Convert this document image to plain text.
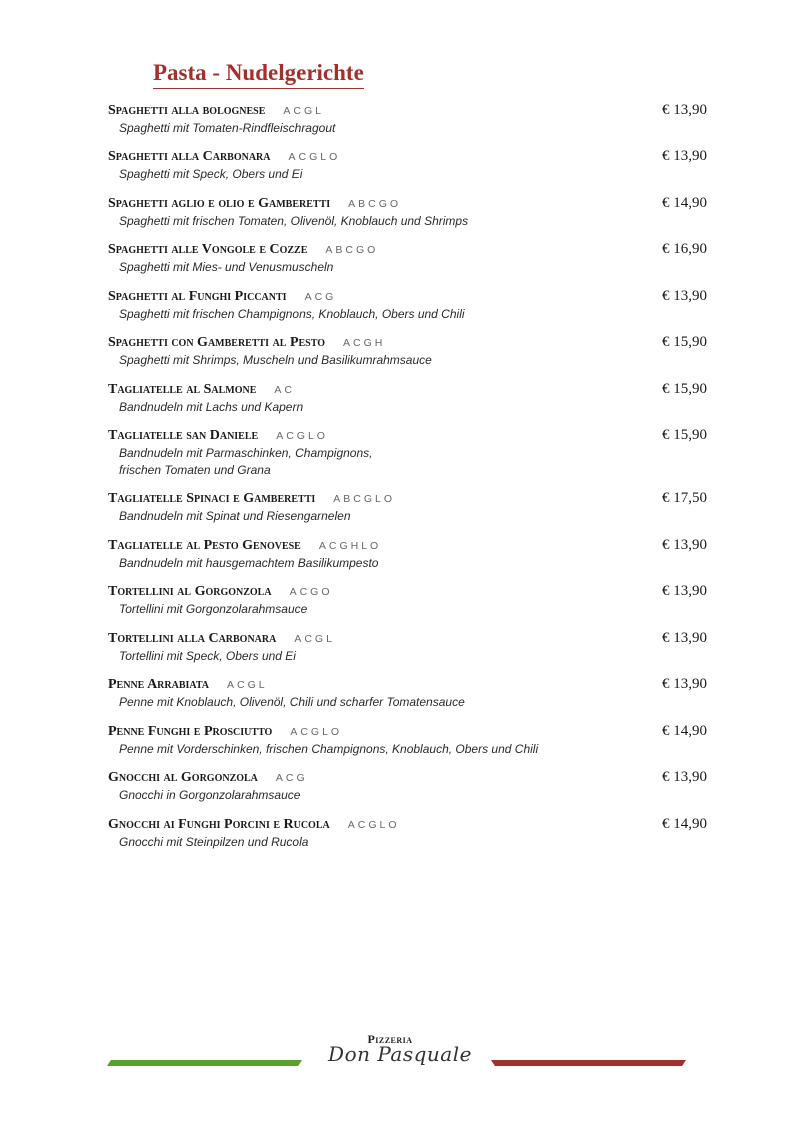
Pasta - Nudelgerichte
Spaghetti alla bolognese ACGL	€ 13,90
Spaghetti mit Tomaten-Rindfleischragout
Spaghetti alla Carbonara ACGLO	€ 13,90
Spaghetti mit Speck, Obers und Ei
Spaghetti aglio e olio e Gamberetti ABCGO	€ 14,90
Spaghetti mit frischen Tomaten, Olivenöl, Knoblauch und Shrimps
Spaghetti alle Vongole e Cozze ABCGO	€ 16,90
Spaghetti mit Mies- und Venusmuscheln
Spaghetti al Funghi Piccanti ACG	€ 13,90
Spaghetti mit frischen Champignons, Knoblauch, Obers und Chili
Spaghetti con Gamberetti al Pesto ACGH	€ 15,90
Spaghetti mit Shrimps, Muscheln und Basilikumrahmsauce
Tagliatelle al Salmone AC	€ 15,90
Bandnudeln mit Lachs und Kapern
Tagliatelle san Daniele ACGLO	€ 15,90
Bandnudeln mit Parmaschinken, Champignons,
frischen Tomaten und Grana
Tagliatelle Spinaci e Gamberetti ABCGLO	€ 17,50
Bandnudeln mit Spinat und Riesengarnelen
Tagliatelle al Pesto Genovese ACGHLO	€ 13,90
Bandnudeln mit hausgemachtem Basilikumpesto
Tortellini al Gorgonzola ACGO	€ 13,90
Tortellini mit Gorgonzolarahmsauce
Tortellini alla Carbonara ACGL	€ 13,90
Tortellini mit Speck, Obers und Ei
Penne Arrabiata ACGL	€ 13,90
Penne mit Knoblauch, Olivenöl, Chili und scharfer Tomatensauce
Penne Funghi e Prosciutto ACGLO	€ 14,90
Penne mit Vorderschinken, frischen Champignons, Knoblauch, Obers und Chili
Gnocchi al Gorgonzola ACG	€ 13,90
Gnocchi in Gorgonzolarahmsauce
Gnocchi ai Funghi Porcini e Rucola ACGLO	€ 14,90
Gnocchi mit Steinpilzen und Rucola
Pizzeria
Don Pasquale
